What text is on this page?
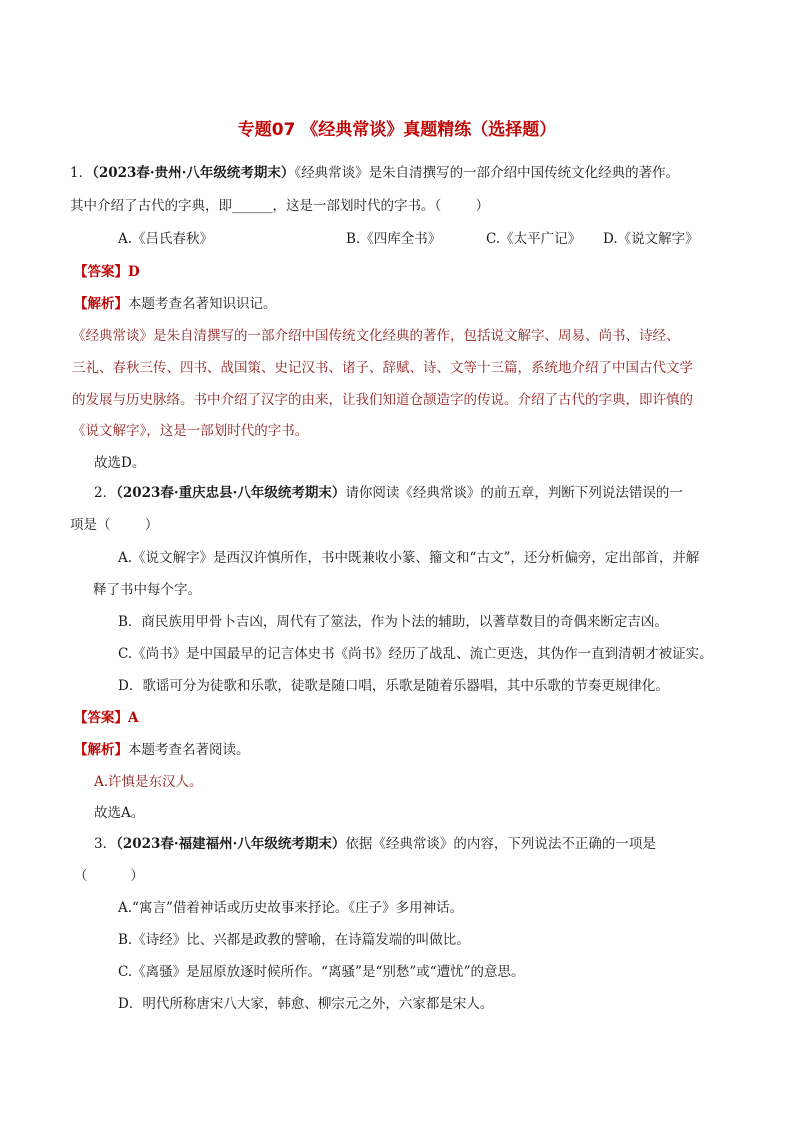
专题07 《经典常谈》真题精练（选择题）
1．（2023春·贵州·八年级统考期末）《经典常谈》是朱自清撰写的一部介绍中国传统文化经典的著作。
其中介绍了古代的字典，即______，这是一部划时代的字书。（        ）

A.《吕氏春秋》

	B.《四库全书》

	C.《太平广记》

D.《说文解字》

【答案】D
【解析】本题考查名著知识识记。
《经典常谈》是朱自清撰写的一部介绍中国传统文化经典的著作，包括说文解字、周易、尚书、诗经、
三礼、春秋三传、四书、战国策、史记汉书、诸子、辞赋、诗、文等十三篇，系统地介绍了中国古代文学
的发展与历史脉络。书中介绍了汉字的由来，让我们知道仓颉造字的传说。介绍了古代的字典，即许慎的
《说文解字》，这是一部划时代的字书。
故选D。
2．（2023春·重庆忠县·八年级统考期末）请你阅读《经典常谈》的前五章，判断下列说法错误的一
项是（        ）
A.《说文解字》是西汉许慎所作，书中既兼收小篆、籀文和“古文”，还分析偏旁，定出部首，并解
释了书中每个字。
B．商民族用甲骨卜吉凶，周代有了筮法，作为卜法的辅助，以蓍草数目的奇偶来断定吉凶。
C.《尚书》是中国最早的记言体史书《尚书》经历了战乱、流亡更迭，其伪作一直到清朝才被证实。
D．歌谣可分为徒歌和乐歌，徒歌是随口唱，乐歌是随着乐器唱，其中乐歌的节奏更规律化。
【答案】A
【解析】本题考查名著阅读。
A.许慎是东汉人。
故选A。
3．（2023春·福建福州·八年级统考期末）依据《经典常谈》的内容，下列说法不正确的一项是
（          ）
A.“寓言”借着神话或历史故事来抒论。《庄子》多用神话。
B.《诗经》比、兴都是政教的譬喻，在诗篇发端的叫做比。
C.《离骚》是屈原放逐时候所作。“离骚”是“别愁”或“遭忧”的意思。
D．明代所称唐宋八大家，韩愈、柳宗元之外，六家都是宋人。
